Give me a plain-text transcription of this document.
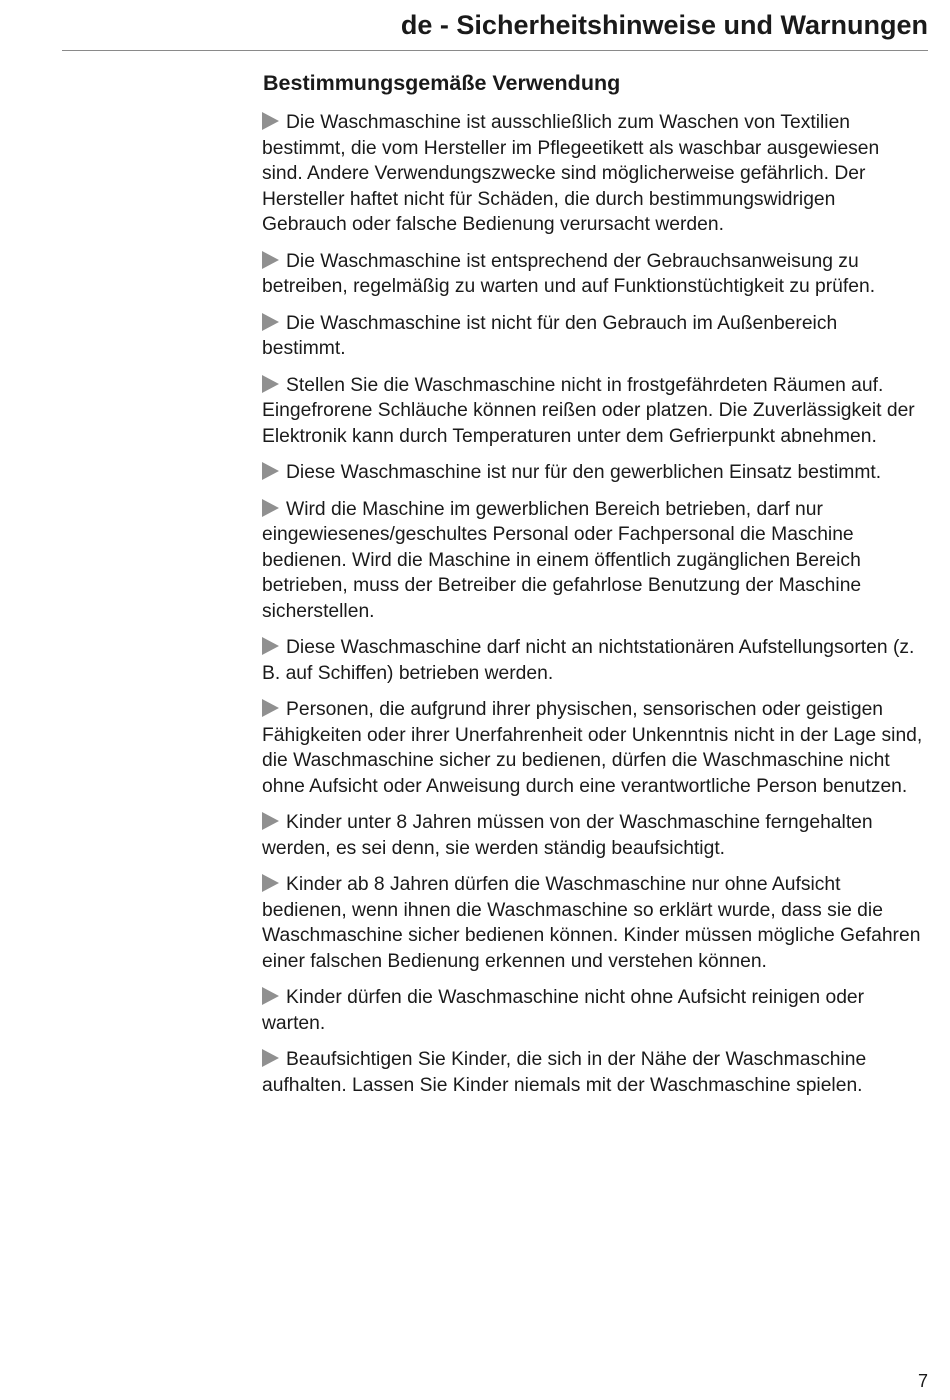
de - Sicherheitshinweise und Warnungen
Bestimmungsgemäße Verwendung
Die Waschmaschine ist ausschließlich zum Waschen von Textilien bestimmt, die vom Hersteller im Pflegeetikett als waschbar ausgewiesen sind. Andere Verwendungszwecke sind möglicherweise gefährlich. Der Hersteller haftet nicht für Schäden, die durch bestimmungswidrigen Gebrauch oder falsche Bedienung verursacht werden.
Die Waschmaschine ist entsprechend der Gebrauchsanweisung zu betreiben, regelmäßig zu warten und auf Funktionstüchtigkeit zu prüfen.
Die Waschmaschine ist nicht für den Gebrauch im Außenbereich bestimmt.
Stellen Sie die Waschmaschine nicht in frostgefährdeten Räumen auf. Eingefrorene Schläuche können reißen oder platzen. Die Zuverlässigkeit der Elektronik kann durch Temperaturen unter dem Gefrierpunkt abnehmen.
Diese Waschmaschine ist nur für den gewerblichen Einsatz bestimmt.
Wird die Maschine im gewerblichen Bereich betrieben, darf nur eingewiesenes/geschultes Personal oder Fachpersonal die Maschine bedienen. Wird die Maschine in einem öffentlich zugänglichen Bereich betrieben, muss der Betreiber die gefahrlose Benutzung der Maschine sicherstellen.
Diese Waschmaschine darf nicht an nichtstationären Aufstellungsorten (z. B. auf Schiffen) betrieben werden.
Personen, die aufgrund ihrer physischen, sensorischen oder geistigen Fähigkeiten oder ihrer Unerfahrenheit oder Unkenntnis nicht in der Lage sind, die Waschmaschine sicher zu bedienen, dürfen die Waschmaschine nicht ohne Aufsicht oder Anweisung durch eine verantwortliche Person benutzen.
Kinder unter 8 Jahren müssen von der Waschmaschine ferngehalten werden, es sei denn, sie werden ständig beaufsichtigt.
Kinder ab 8 Jahren dürfen die Waschmaschine nur ohne Aufsicht bedienen, wenn ihnen die Waschmaschine so erklärt wurde, dass sie die Waschmaschine sicher bedienen können. Kinder müssen mögliche Gefahren einer falschen Bedienung erkennen und verstehen können.
Kinder dürfen die Waschmaschine nicht ohne Aufsicht reinigen oder warten.
Beaufsichtigen Sie Kinder, die sich in der Nähe der Waschmaschine aufhalten. Lassen Sie Kinder niemals mit der Waschmaschine spielen.
7
